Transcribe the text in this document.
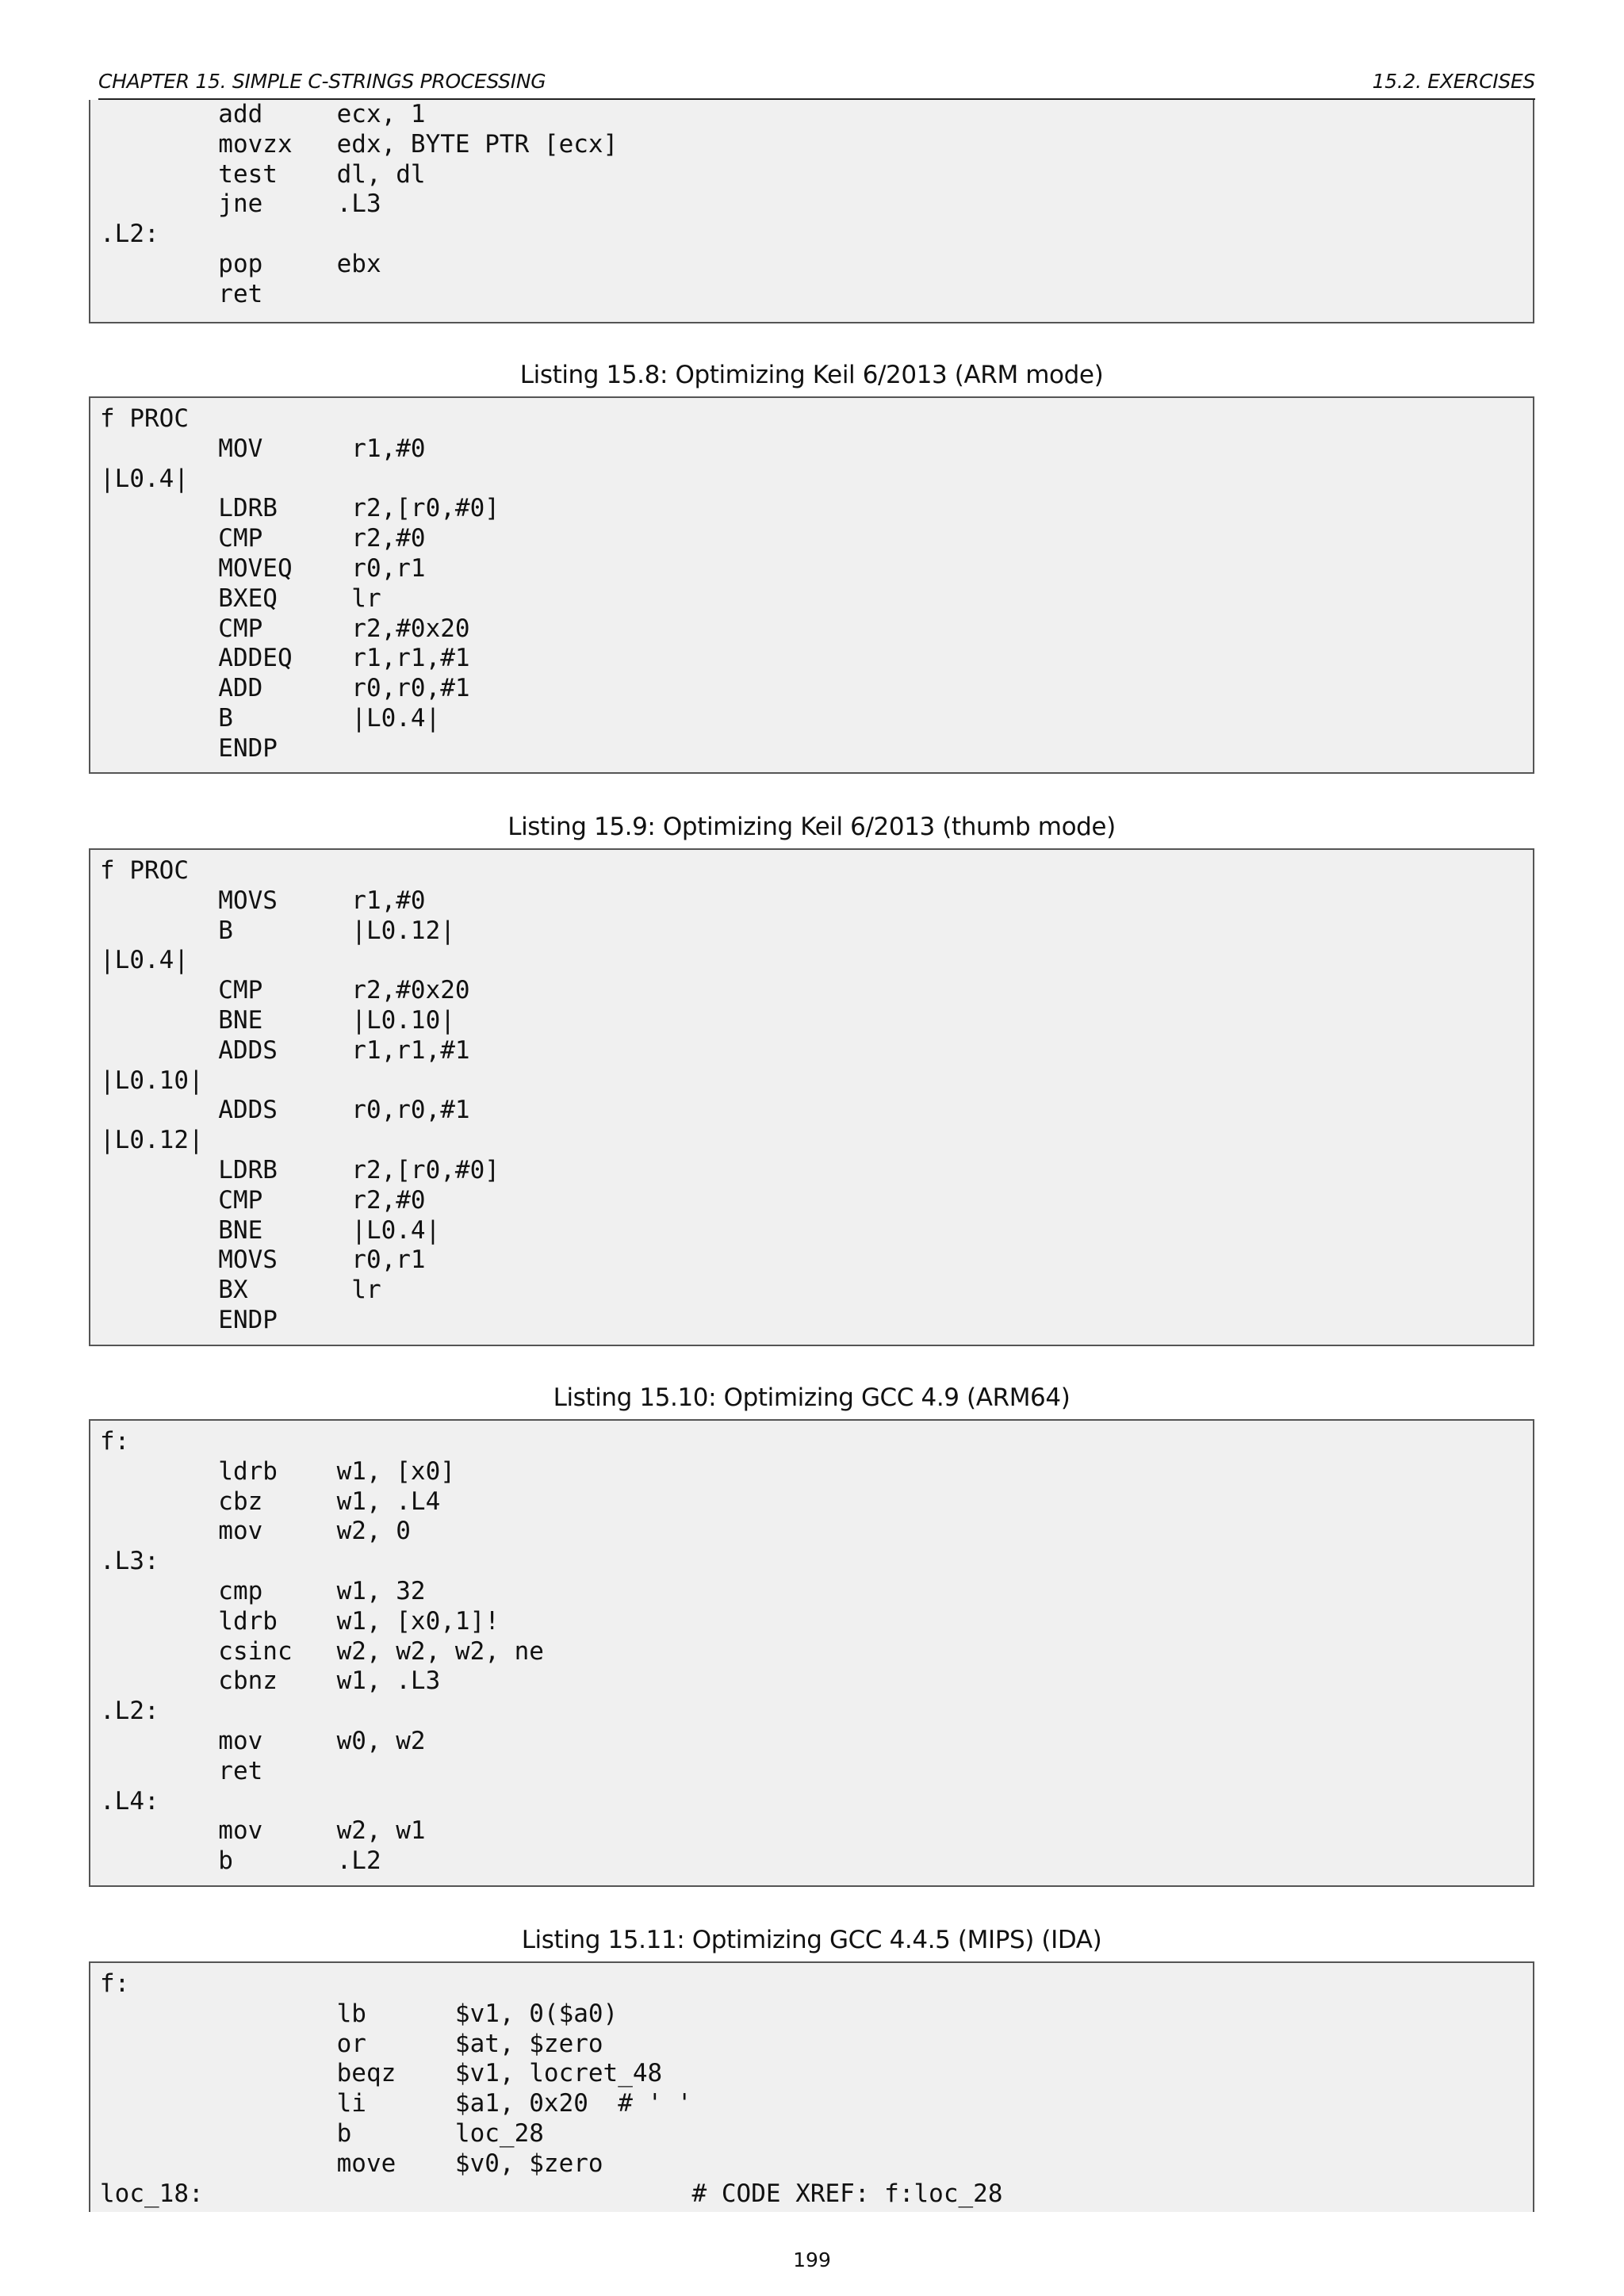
CHAPTER 15. SIMPLE C-STRINGS PROCESSING	15.2. EXERCISES
add     ecx, 1
movzx   edx, BYTE PTR [ecx]
test    dl, dl
jne     .L3
.L2:
pop     ebx
ret
Listing 15.8: Optimizing Keil 6/2013 (ARM mode)
f PROC
MOV      r1,#0
|L0.4|
LDRB     r2,[r0,#0]
CMP      r2,#0
MOVEQ    r0,r1
BXEQ     lr
CMP      r2,#0x20
ADDEQ    r1,r1,#1
ADD      r0,r0,#1
B        |L0.4|
ENDP
Listing 15.9: Optimizing Keil 6/2013 (thumb mode)
f PROC
MOVS     r1,#0
B        |L0.12|
|L0.4|
CMP      r2,#0x20
BNE      |L0.10|
ADDS     r1,r1,#1
|L0.10|
ADDS     r0,r0,#1
|L0.12|
LDRB     r2,[r0,#0]
CMP      r2,#0
BNE      |L0.4|
MOVS     r0,r1
BX       lr
ENDP
Listing 15.10: Optimizing GCC 4.9 (ARM64)
f:
ldrb    w1, [x0]
cbz     w1, .L4
mov     w2, 0
.L3:
cmp     w1, 32
ldrb    w1, [x0,1]!
csinc   w2, w2, w2, ne
cbnz    w1, .L3
.L2:
mov     w0, w2
ret
.L4:
mov     w2, w1
b       .L2
Listing 15.11: Optimizing GCC 4.4.5 (MIPS) (IDA)
f:
lb      $v1, 0($a0)
or      $at, $zero
beqz    $v1, locret_48
li      $a1, 0x20  # ' '
b       loc_28
move    $v0, $zero
loc_18:                                 # CODE XREF: f:loc_28
199
